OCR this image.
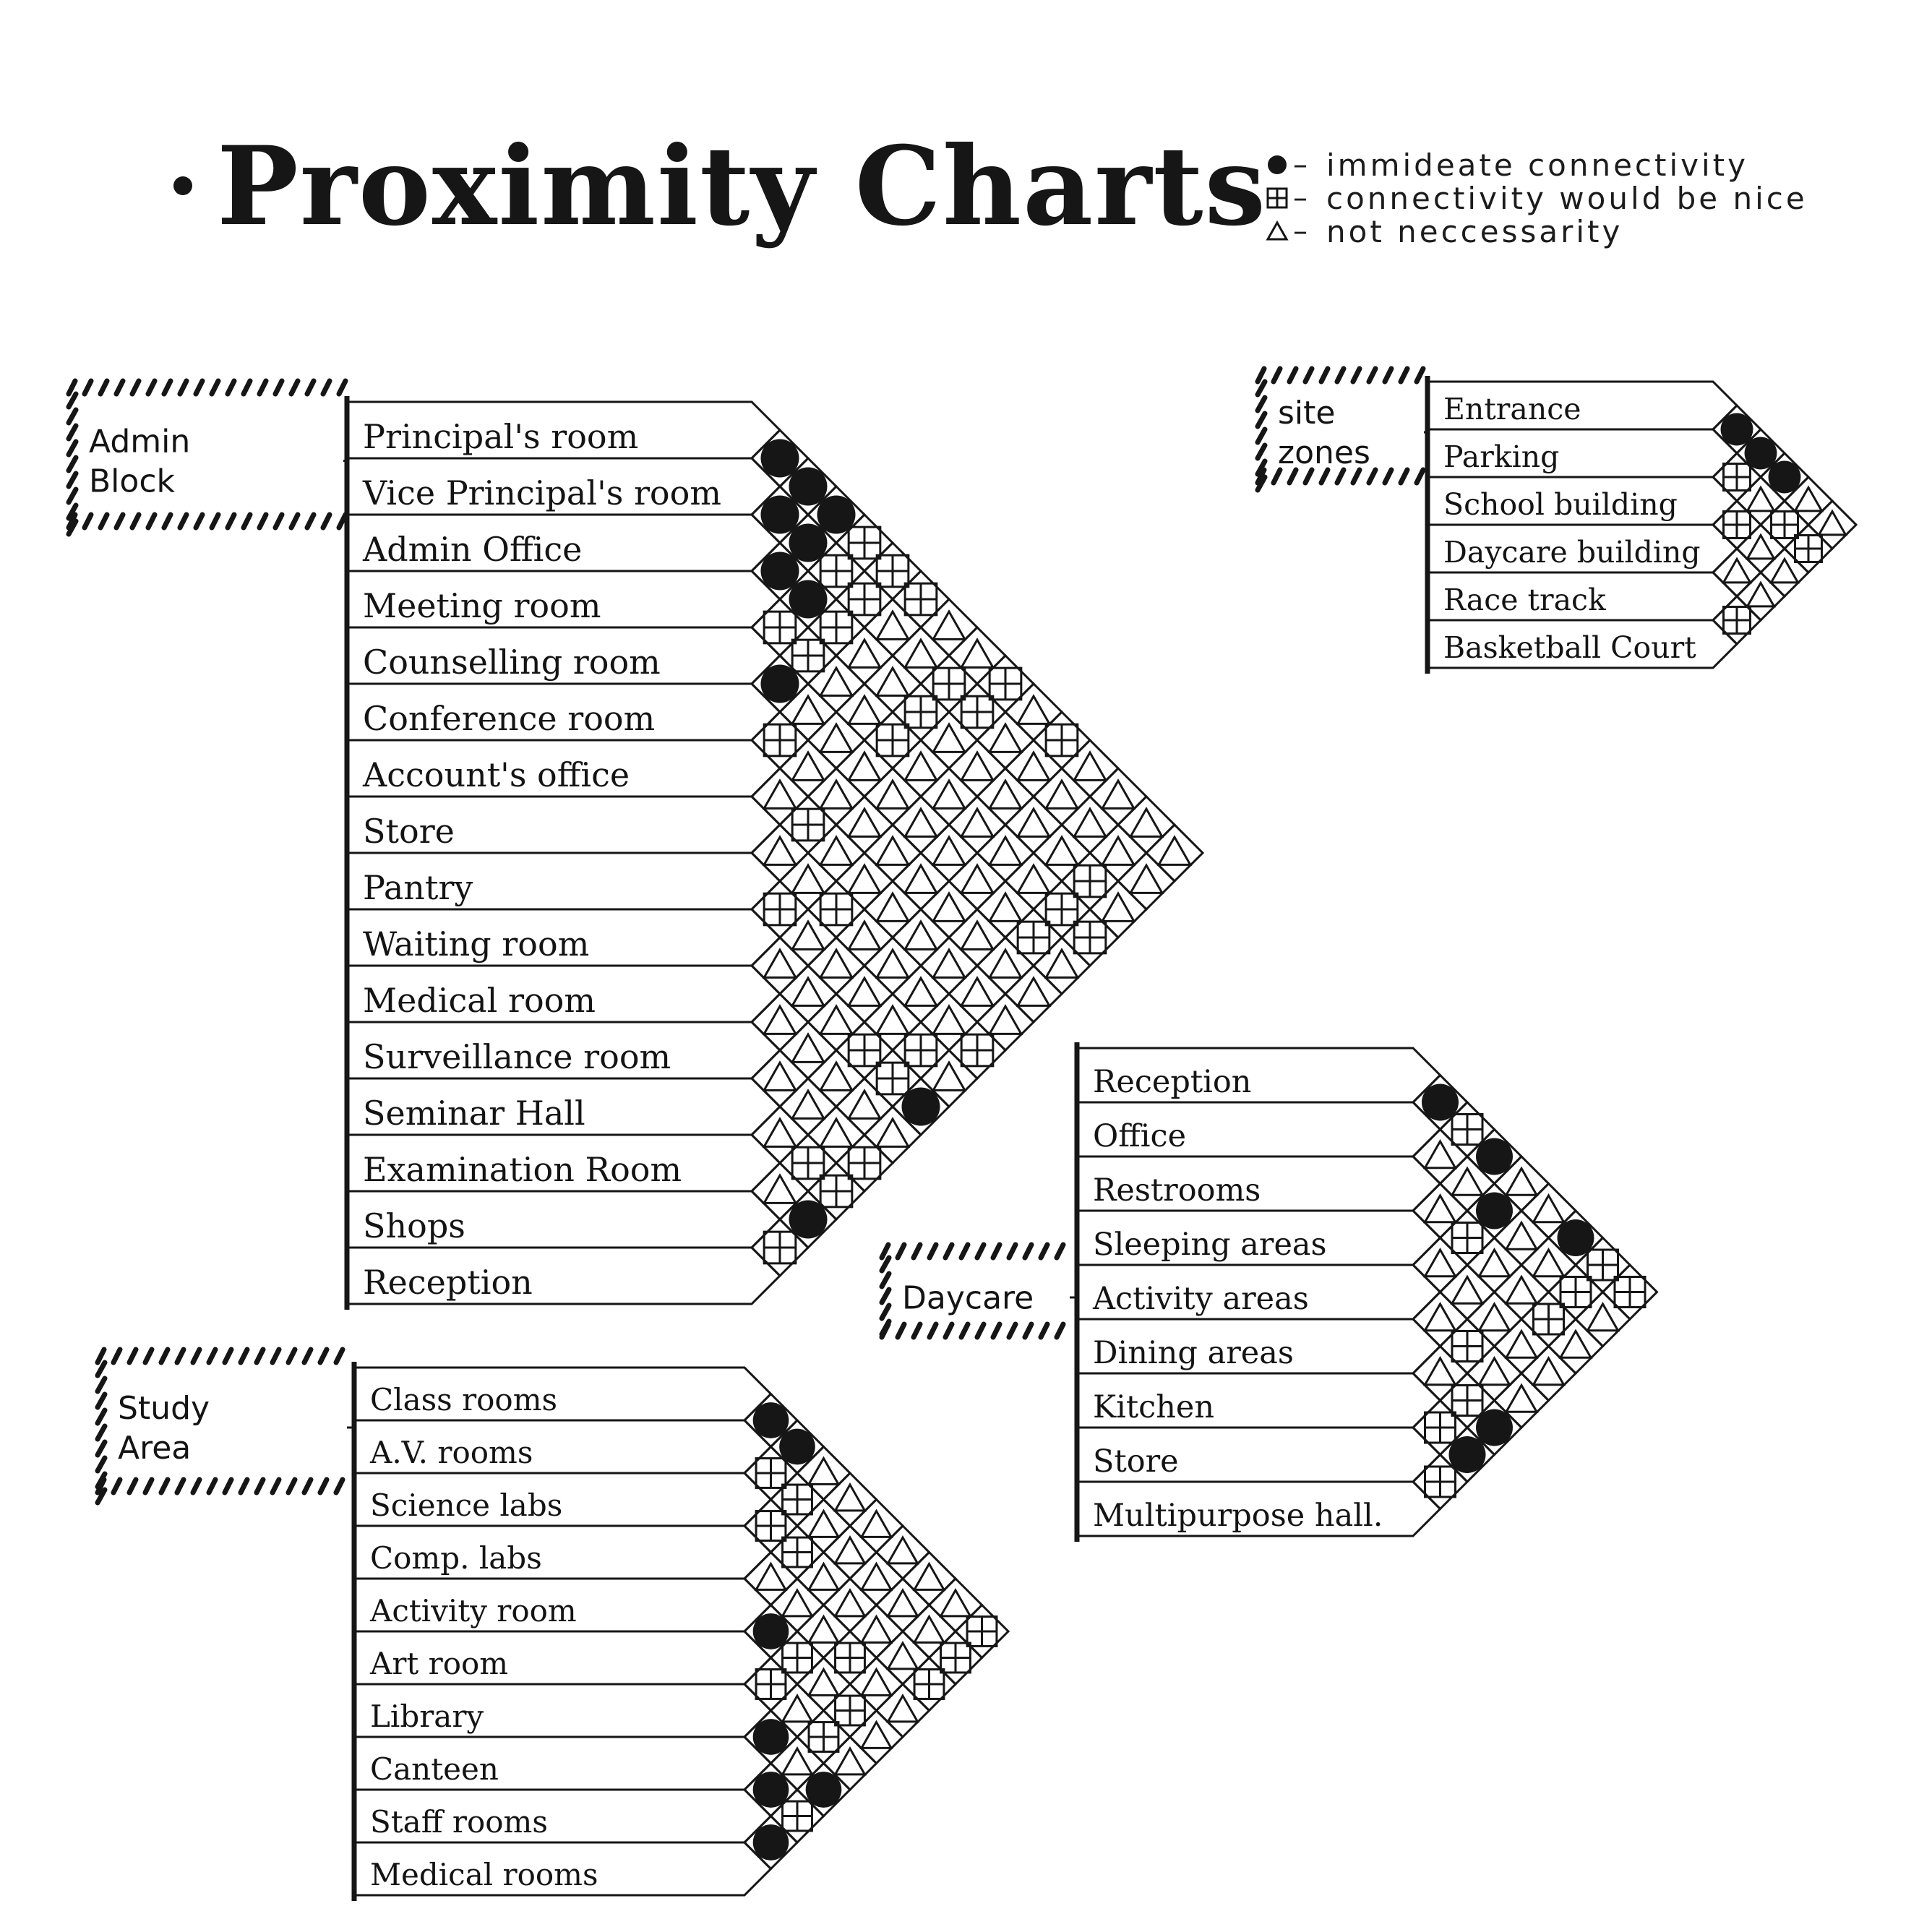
Principal's room
Vice Principal's room
Admin Office
Meeting room
Counselling room
Conference room
Account's office
Store
Pantry
Waiting room
Medical room
Surveillance room
Seminar Hall
Examination Room
Shops
Reception
Admin
Block
Entrance
Parking
School building
Daycare building
Race track
Basketball Court
site
zones
Reception
Office
Restrooms
Sleeping areas
Activity areas
Dining areas
Kitchen
Store
Multipurpose hall.
Daycare
Class rooms
A.V. rooms
Science labs
Comp. labs
Activity room
Art room
Library
Canteen
Staff rooms
Medical rooms
Study
Area
Proximity Charts – immideate connectivity
– connectivity would be nice
– not neccessarity
